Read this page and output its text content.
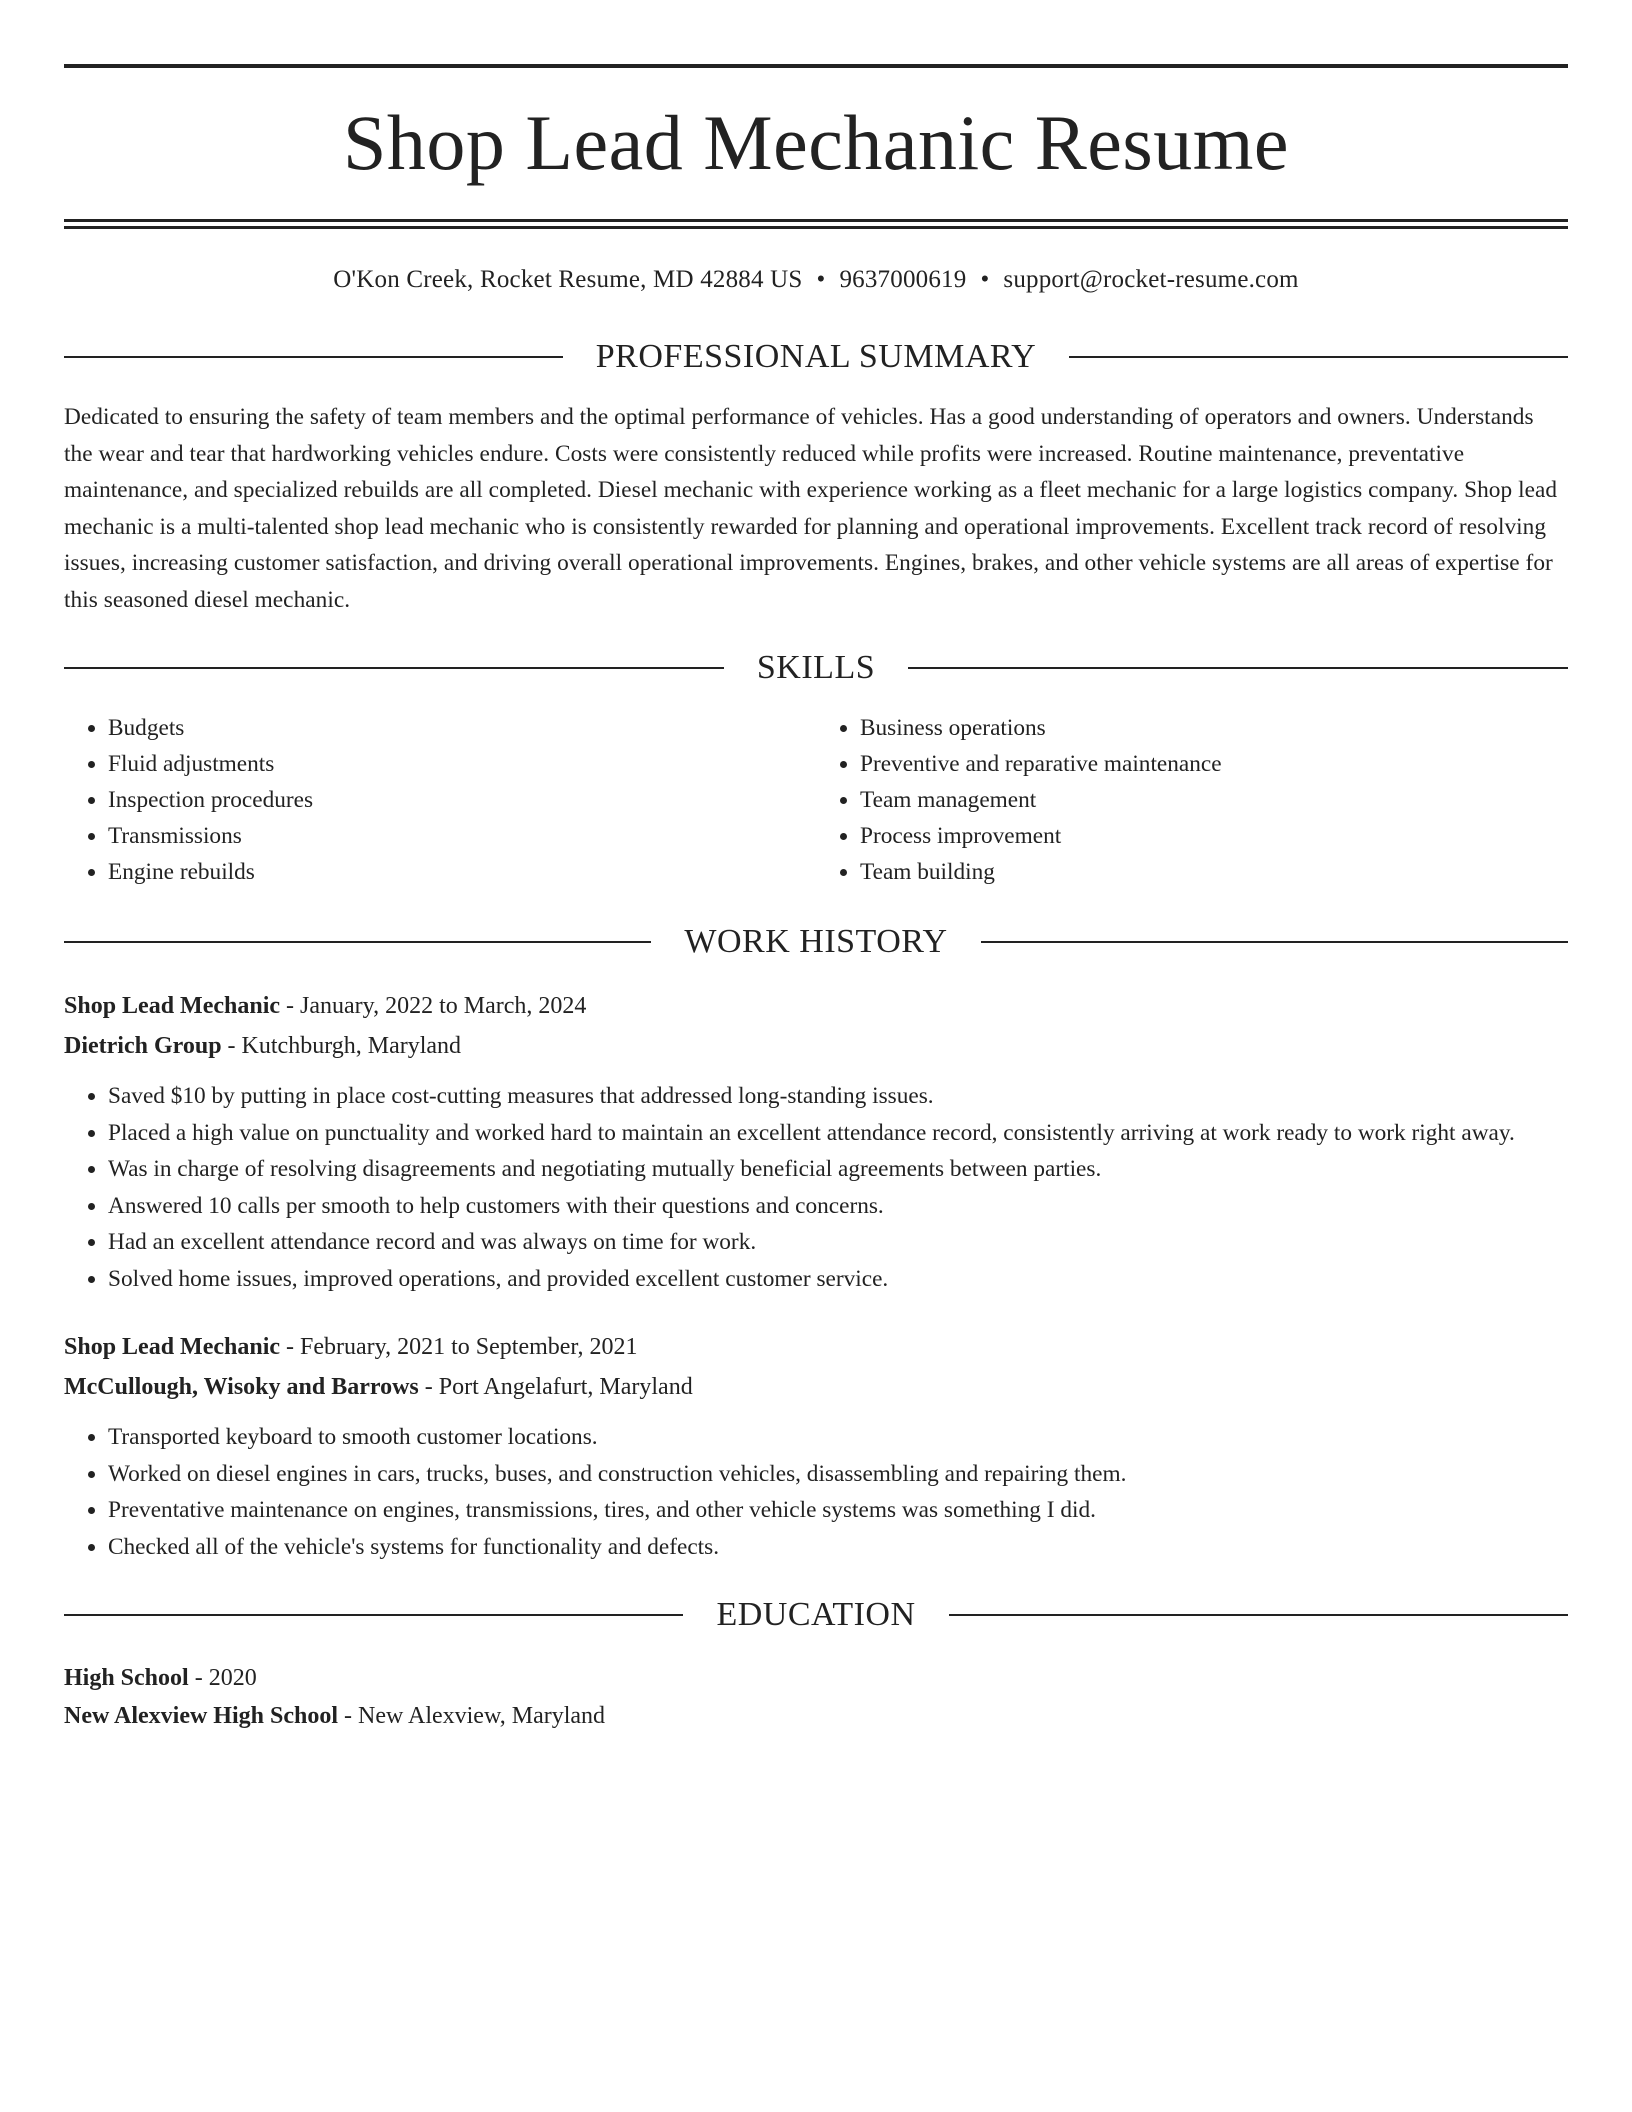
Shop Lead Mechanic Resume
O'Kon Creek, Rocket Resume, MD 42884 US • 9637000619 • support@rocket-resume.com
PROFESSIONAL SUMMARY

Dedicated to ensuring the safety of team members and the optimal performance of vehicles. Has a good understanding of operators and owners. Understands the wear and tear that hardworking vehicles endure. Costs were consistently reduced while profits were increased. Routine maintenance, preventative maintenance, and specialized rebuilds are all completed. Diesel mechanic with experience working as a fleet mechanic for a large logistics company. Shop lead mechanic is a multi-talented shop lead mechanic who is consistently rewarded for planning and operational improvements. Excellent track record of resolving issues, increasing customer satisfaction, and driving overall operational improvements. Engines, brakes, and other vehicle systems are all areas of expertise for this seasoned diesel mechanic.

SKILLS
• Budgets
• Fluid adjustments
• Inspection procedures
• Transmissions
• Engine rebuilds
• Business operations
• Preventive and reparative maintenance
• Team management
• Process improvement
• Team building
WORK HISTORY
Shop Lead Mechanic - January, 2022 to March, 2024
Dietrich Group - Kutchburgh, Maryland
• Saved $10 by putting in place cost-cutting measures that addressed long-standing issues.
• Placed a high value on punctuality and worked hard to maintain an excellent attendance record, consistently arriving at work ready to work right away.
• Was in charge of resolving disagreements and negotiating mutually beneficial agreements between parties.
• Answered 10 calls per smooth to help customers with their questions and concerns.
• Had an excellent attendance record and was always on time for work.
• Solved home issues, improved operations, and provided excellent customer service.
Shop Lead Mechanic - February, 2021 to September, 2021
McCullough, Wisoky and Barrows - Port Angelafurt, Maryland
• Transported keyboard to smooth customer locations.
• Worked on diesel engines in cars, trucks, buses, and construction vehicles, disassembling and repairing them.
• Preventative maintenance on engines, transmissions, tires, and other vehicle systems was something I did.
• Checked all of the vehicle's systems for functionality and defects.
EDUCATION
High School - 2020
New Alexview High School - New Alexview, Maryland
